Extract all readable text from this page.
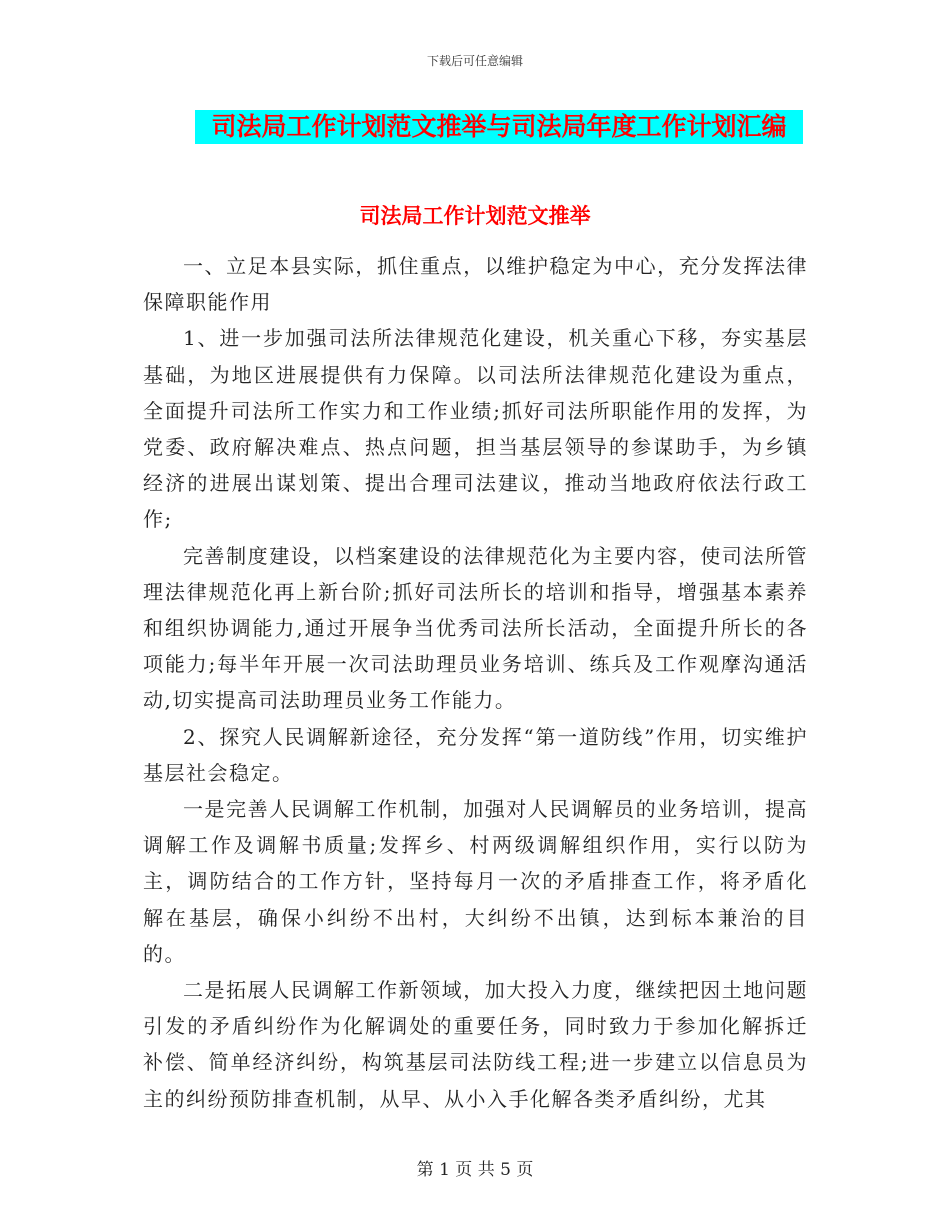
下载后可任意编辑
司法局工作计划范文推举与司法局年度工作计划汇编
司法局工作计划范文推举

一、立足本县实际，抓住重点，以维护稳定为中心，充分发挥法律保障职能作用

1、进一步加强司法所法律规范化建设，机关重心下移，夯实基层基础，为地区进展提供有力保障。以司法所法律规范化建设为重点，全面提升司法所工作实力和工作业绩;抓好司法所职能作用的发挥，为党委、政府解决难点、热点问题，担当基层领导的参谋助手，为乡镇经济的进展出谋划策、提出合理司法建议，推动当地政府依法行政工作;

完善制度建设，以档案建设的法律规范化为主要内容，使司法所管理法律规范化再上新台阶;抓好司法所长的培训和指导，增强基本素养和组织协调能力,通过开展争当优秀司法所长活动，全面提升所长的各项能力;每半年开展一次司法助理员业务培训、练兵及工作观摩沟通活动,切实提高司法助理员业务工作能力。

2、探究人民调解新途径，充分发挥“第一道防线”作用，切实维护基层社会稳定。

一是完善人民调解工作机制，加强对人民调解员的业务培训，提高调解工作及调解书质量;发挥乡、村两级调解组织作用，实行以防为主，调防结合的工作方针，坚持每月一次的矛盾排查工作，将矛盾化解在基层，确保小纠纷不出村，大纠纷不出镇，达到标本兼治的目的。

二是拓展人民调解工作新领域，加大投入力度，继续把因土地问题引发的矛盾纠纷作为化解调处的重要任务，同时致力于参加化解拆迁补偿、简单经济纠纷，构筑基层司法防线工程;进一步建立以信息员为主的纠纷预防排查机制，从早、从小入手化解各类矛盾纠纷，尤其

第 1 页 共 5 页
